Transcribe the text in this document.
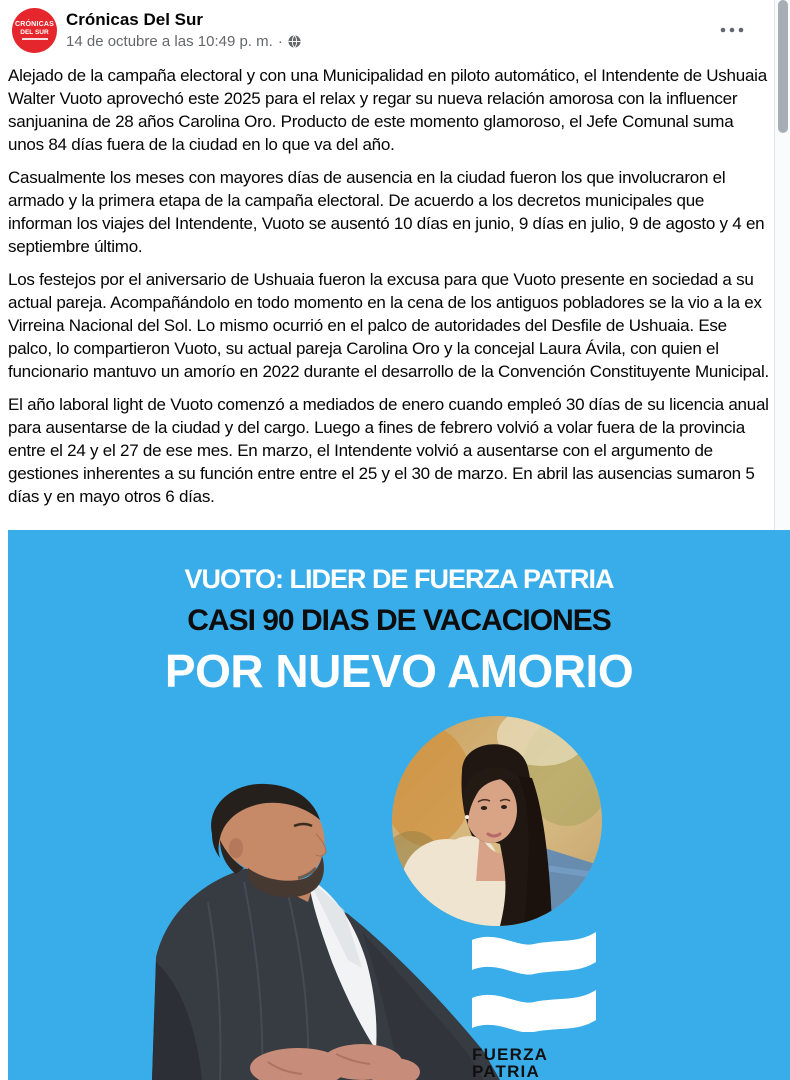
CRÓNICAS
DEL SUR
Crónicas Del Sur
14 de octubre a las 10:49 p. m. ·

Alejado de la campaña electoral y con una Municipalidad en piloto automático, el Intendente de Ushuaia Walter Vuoto aprovechó este 2025 para el relax y regar su nueva relación amorosa con la influencer sanjuanina de 28 años Carolina Oro. Producto de este momento glamoroso, el Jefe Comunal suma unos 84 días fuera de la ciudad en lo que va del año.

Casualmente los meses con mayores días de ausencia en la ciudad fueron los que involucraron el armado y la primera etapa de la campaña electoral. De acuerdo a los decretos municipales que informan los viajes del Intendente, Vuoto se ausentó 10 días en junio, 9 días en julio, 9 de agosto y 4 en septiembre último.

Los festejos por el aniversario de Ushuaia fueron la excusa para que Vuoto presente en sociedad a su actual pareja. Acompañándolo en todo momento en la cena de los antiguos pobladores se la vio a la ex Virreina Nacional del Sol. Lo mismo ocurrió en el palco de autoridades del Desfile de Ushuaia. Ese palco, lo compartieron Vuoto, su actual pareja Carolina Oro y la concejal Laura Ávila, con quien el funcionario mantuvo un amorío en 2022 durante el desarrollo de la Convención Constituyente Municipal.

El año laboral light de Vuoto comenzó a mediados de enero cuando empleó 30 días de su licencia anual para ausentarse de la ciudad y del cargo. Luego a fines de febrero volvió a volar fuera de la provincia entre el 24 y el 27 de ese mes. En marzo, el Intendente volvió a ausentarse con el argumento de gestiones inherentes a su función entre entre el 25 y el 30 de marzo. En abril las ausencias sumaron 5 días y en mayo otros 6 días.

VUOTO: LIDER DE FUERZA PATRIA
CASI 90 DIAS DE VACACIONES
POR NUEVO AMORIO
FUERZA
PATRIA
